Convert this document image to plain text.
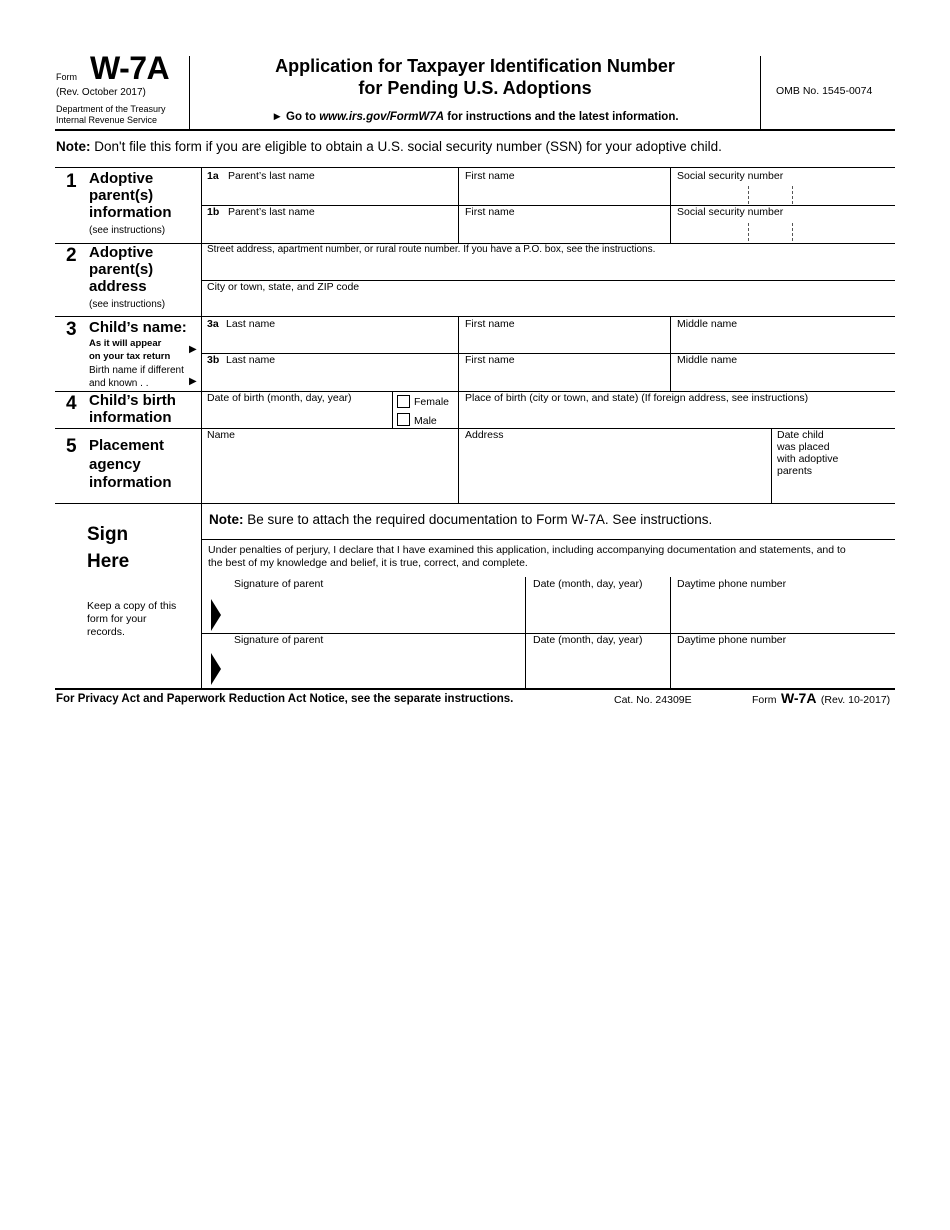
Form W-7A
(Rev. October 2017)
Department of the Treasury
Internal Revenue Service
Application for Taxpayer Identification Number
for Pending U.S. Adoptions
► Go to www.irs.gov/FormW7A for instructions and the latest information.
OMB No. 1545-0074
Note: Don't file this form if you are eligible to obtain a U.S. social security number (SSN) for your adoptive child.
1 Adoptive
parent(s)
information
(see instructions)
1a Parent’s last name	First name	Social security number
1b Parent’s last name	First name	Social security number
2 Adoptive
parent(s)
address
(see instructions)
Street address, apartment number, or rural route number. If you have a P.O. box, see the instructions.
City or town, state, and ZIP code
3 Child’s name:
As it will appear
on your tax return
▶
Birth name if different
and known . .	▶
3a Last name	First name	Middle name
3b Last name	First name	Middle name
4 Child’s birth
information
Date of birth (month, day, year)	Female
Male
Place of birth (city or town, and state) (If foreign address, see instructions)
5 Placement
agency
information
Name	Address	Date child
was placed
with adoptive
parents
Sign
Here
Keep a copy of this
form for your
records.
Note: Be sure to attach the required documentation to Form W-7A. See instructions.
Under penalties of perjury, I declare that I have examined this application, including accompanying documentation and statements, and to
the best of my knowledge and belief, it is true, correct, and complete.
Signature of parent	Date (month, day, year)	Daytime phone number
Signature of parent	Date (month, day, year)	Daytime phone number
For Privacy Act and Paperwork Reduction Act Notice, see the separate instructions.	Cat. No. 24309E	Form W-7A (Rev. 10-2017)
